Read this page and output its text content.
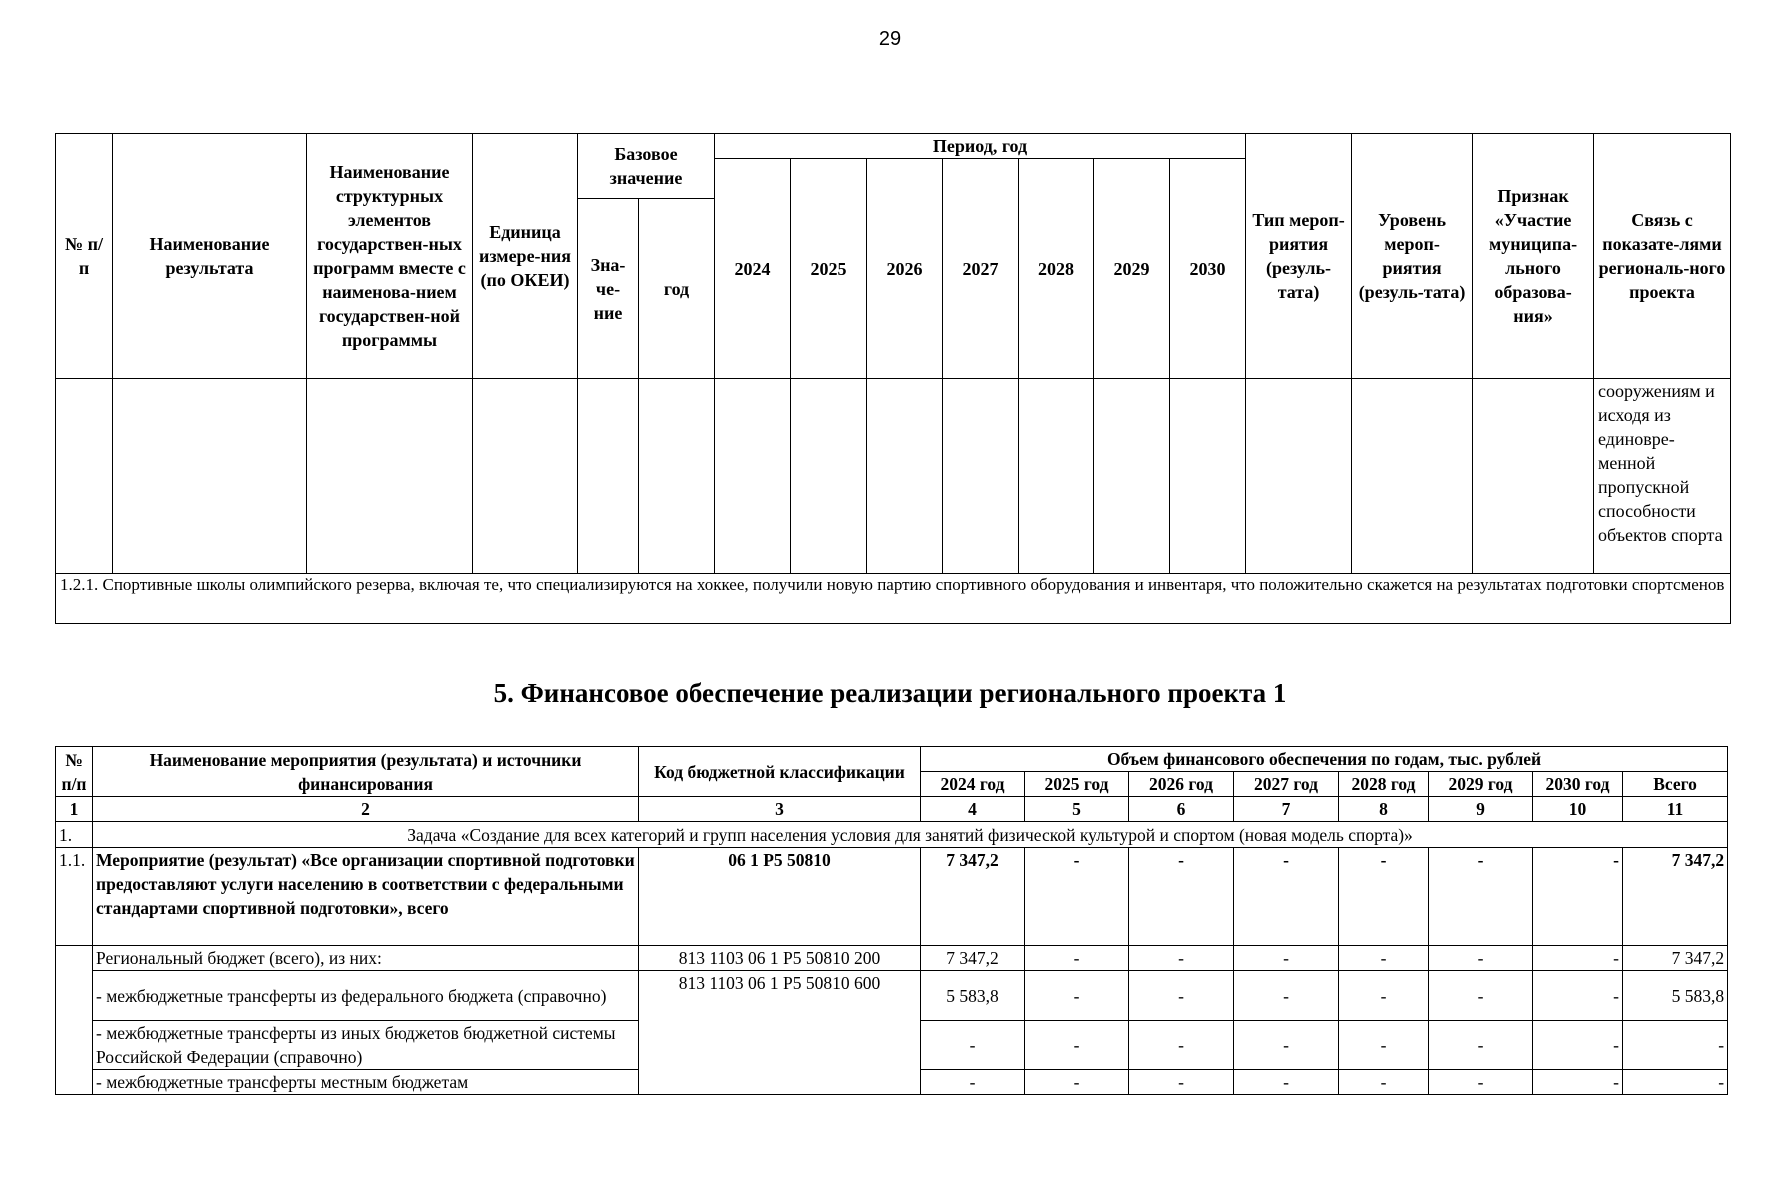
29
№ п/п	Наименование результата	Наименование структурных элементов государствен-ных программ вместе с наименова-нием государствен-ной программы	Единица измере-ния (по ОКЕИ)	Базовое значение		Период, год							Тип мероп-риятия (резуль-тата)	Уровень мероп-риятия (резуль-тата)	Признак «Участие муниципа-льного образова-ния»	Связь с показате-лями региональ-ного проекта
						2024	2025	2026	2027	2028	2029	2030				
				Зна-че-ние	год											
																сооружениям и исходя из единовре-менной пропускной способности объектов спорта
1.2.1. Спортивные школы олимпийского резерва, включая те, что специализируются на хоккее, получили новую партию спортивного оборудования и инвентаря, что положительно скажется на результатах подготовки спортсменов																
5. Финансовое обеспечение реализации регионального проекта 1
№ п/п	Наименование мероприятия (результата) и источники финансирования	Код бюджетной классификации	Объем финансового обеспечения по годам, тыс. рублей							
			2024 год	2025 год	2026 год	2027 год	2028 год	2029 год	2030 год	Всего
1	2	3	4	5	6	7	8	9	10	11
1.	Задача «Создание для всех категорий и групп населения условия для занятий физической культурой и спортом (новая модель спорта)»									
1.1.	Мероприятие (результат) «Все организации спортивной подготовки предоставляют услуги населению в соответствии с федеральными стандартами спортивной подготовки», всего	06 1 Р5 50810	7 347,2	-	-	-	-	-	-	7 347,2
	Региональный бюджет (всего), из них:	813 1103 06 1 Р5 50810 200	7 347,2	-	-	-	-	-	-	7 347,2
	- межбюджетные трансферты из федерального бюджета (справочно)	813 1103 06 1 Р5 50810 600	5 583,8	-	-	-	-	-	-	5 583,8
	- межбюджетные трансферты из иных бюджетов бюджетной системы Российской Федерации (справочно)		-	-	-	-	-	-	-	-
	- межбюджетные трансферты местным бюджетам		-	-	-	-	-	-	-	-
